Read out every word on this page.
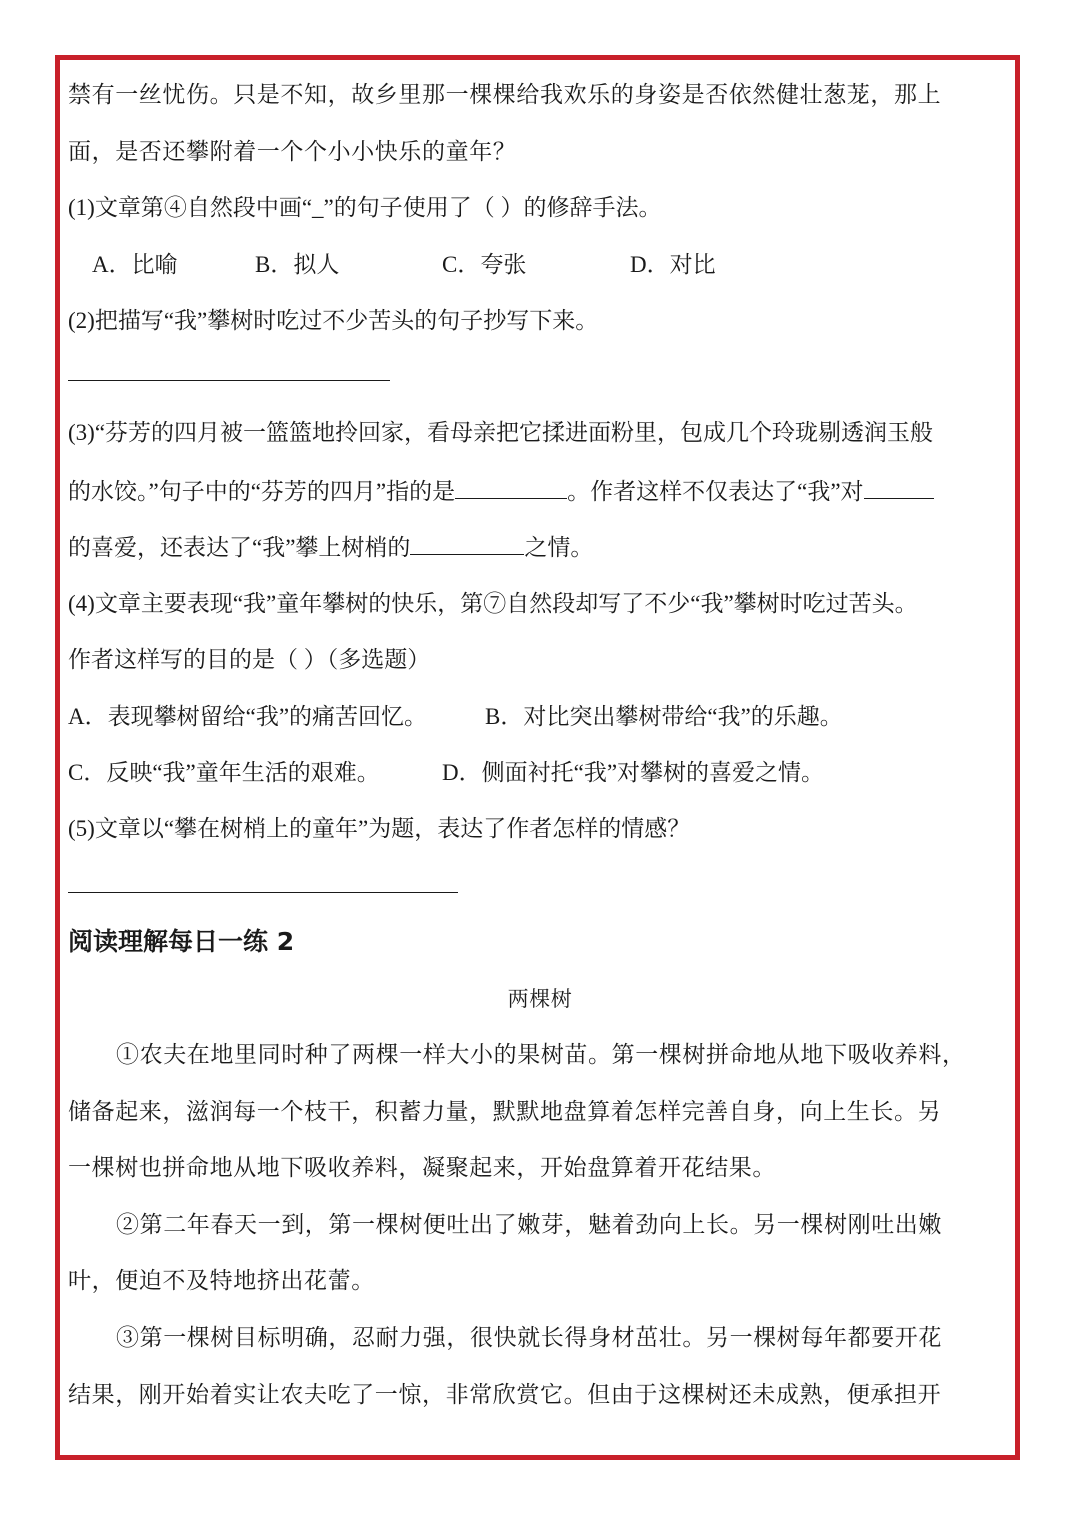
禁有一丝忧伤。只是不知，故乡里那一棵棵给我欢乐的身姿是否依然健壮葱茏，那上
面，是否还攀附着一个个小小快乐的童年？
(1)文章第④自然段中画“_”的句子使用了（ ）的修辞手法。
A．比喻	B．拟人	C．夸张	D．对比
(2)把描写“我”攀树时吃过不少苦头的句子抄写下来。
(3)“芬芳的四月被一篮篮地拎回家，看母亲把它揉进面粉里，包成几个玲珑剔透润玉般
的水饺。”句子中的“芬芳的四月”指的是	。作者这样不仅表达了“我”对
的喜爱，还表达了“我”攀上树梢的	之情。
(4)文章主要表现“我”童年攀树的快乐，第⑦自然段却写了不少“我”攀树时吃过苦头。
作者这样写的目的是（ ）（多选题）
A．表现攀树留给“我”的痛苦回忆。	B．对比突出攀树带给“我”的乐趣。
C．反映“我”童年生活的艰难。	D．侧面衬托“我”对攀树的喜爱之情。
(5)文章以“攀在树梢上的童年”为题，表达了作者怎样的情感？
阅读理解每日一练 2
两棵树
①农夫在地里同时种了两棵一样大小的果树苗。第一棵树拼命地从地下吸收养料，
储备起来，滋润每一个枝干，积蓄力量，默默地盘算着怎样完善自身，向上生长。另
一棵树也拼命地从地下吸收养料，凝聚起来，开始盘算着开花结果。
②第二年春天一到，第一棵树便吐出了嫩芽，魅着劲向上长。另一棵树刚吐出嫩
叶，便迫不及特地挤出花蕾。
③第一棵树目标明确，忍耐力强，很快就长得身材茁壮。另一棵树每年都要开花
结果，刚开始着实让农夫吃了一惊，非常欣赏它。但由于这棵树还未成熟，便承担开
